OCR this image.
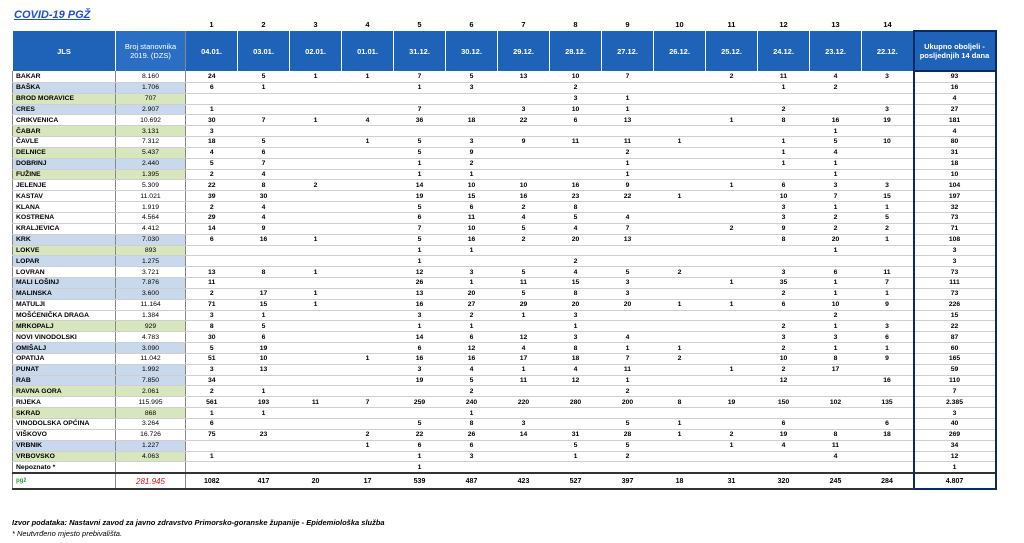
COVID-19 PGŽ
		1	2	3	4	5	6	7	8	9	10	11	12	13	14	
JLS	Broj stanovnika 2019. (DZS)	04.01.	03.01.	02.01.	01.01.	31.12.	30.12.	29.12.	28.12.	27.12.	26.12.	25.12.	24.12.	23.12.	22.12.	Ukupno oboljeli - posljednjih 14 dana
BAKAR	8.160	24	5	1	1	7	5	13	10	7		2	11	4	3	93
BAŠKA	1.706	6	1			1	3		2				1	2		16
BROD MORAVICE	707								3	1						4
CRES	2.907	1				7		3	10	1			2		3	27
CRIKVENICA	10.692	30	7	1	4	36	18	22	6	13		1	8	16	19	181
ČABAR	3.131	3												1		4
ČAVLE	7.312	18	5		1	5	3	9	11	11	1		1	5	10	80
DELNICE	5.437	4	6			5	9			2			1	4		31
DOBRINJ	2.440	5	7			1	2			1			1	1		18
FUŽINE	1.395	2	4			1	1			1				1		10
JELENJE	5.309	22	8	2		14	10	10	16	9		1	6	3	3	104
KASTAV	11.021	39	30			19	15	16	23	22	1		10	7	15	197
KLANA	1.919	2	4			5	6	2	8				3	1	1	32
KOSTRENA	4.564	29	4			6	11	4	5	4			3	2	5	73
KRALJEVICA	4.412	14	9			7	10	5	4	7		2	9	2	2	71
KRK	7.030	6	16	1		5	16	2	20	13			8	20	1	108
LOKVE	893					1	1							1		3
LOPAR	1.275					1			2							3
LOVRAN	3.721	13	8	1		12	3	5	4	5	2		3	6	11	73
MALI LOŠINJ	7.876	11				26	1	11	15	3		1	35	1	7	111
MALINSKA	3.600	2	17	1		13	20	5	8	3			2	1	1	73
MATULJI	11.164	71	15	1		16	27	29	20	20	1	1	6	10	9	226
MOŠĆENIČKA DRAGA	1.384	3	1			3	2	1	3					2		15
MRKOPALJ	929	8	5			1	1		1				2	1	3	22
NOVI VINODOLSKI	4.783	30	6			14	6	12	3	4			3	3	6	87
OMIŠALJ	3.090	5	19			6	12	4	8	1	1		2	1	1	60
OPATIJA	11.042	51	10		1	16	16	17	18	7	2		10	8	9	165
PUNAT	1.992	3	13			3	4	1	4	11		1	2	17		59
RAB	7.850	34				19	5	11	12	1			12		16	110
RAVNA GORA	2.061	2	1				2			2						7
RIJEKA	115.995	561	193	11	7	259	240	220	280	200	8	19	150	102	135	2.385
SKRAD	868	1	1				1									3
VINODOLSKA OPĆINA	3.264	6				5	8	3		5	1		6		6	40
VIŠKOVO	16.726	75	23		2	22	26	14	31	28	1	2	19	8	18	269
VRBNIK	1.227				1	6	6		5	5		1	4	11		34
VRBOVSKO	4.063	1				1	3		1	2				4		12
Nepoznato *						1										1
pgž	281.945	1082	417	20	17	539	487	423	527	397	18	31	320	245	284	4.807
Izvor podataka: Nastavni zavod za javno zdravstvo Primorsko-goranske županije - Epidemiološka služba
* Neutvrđeno mjesto prebivališta.
